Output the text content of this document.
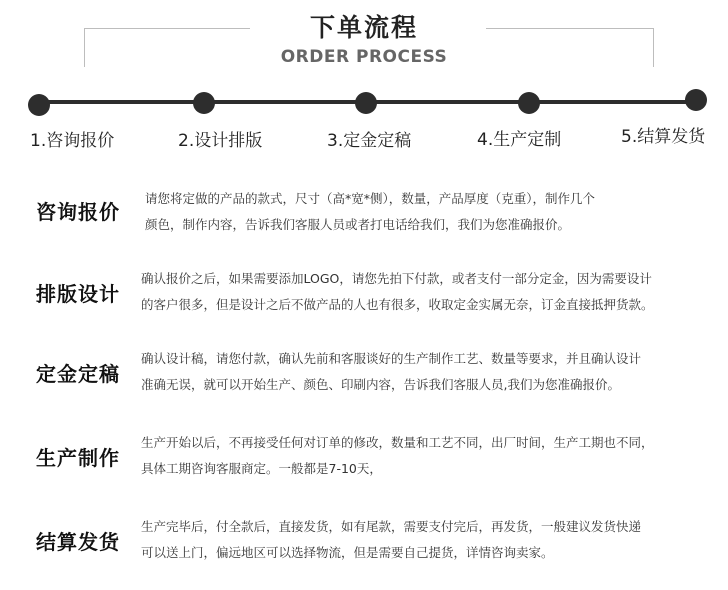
下单流程
ORDER PROCESS
1.咨询报价	2.设计排版	3.定金定稿	4.生产定制	5.结算发货
咨询报价
请您将定做的产品的款式，尺寸（高*宽*侧），数量，产品厚度（克重），制作几个
颜色，制作内容，告诉我们客服人员或者打电话给我们，我们为您准确报价。
排版设计
确认报价之后，如果需要添加LOGO，请您先拍下付款，或者支付一部分定金，因为需要设计
的客户很多，但是设计之后不做产品的人也有很多，收取定金实属无奈，订金直接抵押货款。
定金定稿
确认设计稿，请您付款，确认先前和客服谈好的生产制作工艺、数量等要求，并且确认设计
准确无误，就可以开始生产、颜色、印刷内容，告诉我们客服人员,我们为您准确报价。
生产制作
生产开始以后，不再接受任何对订单的修改，数量和工艺不同，出厂时间，生产工期也不同，
具体工期咨询客服商定。一般都是7-10天，
结算发货
生产完毕后，付全款后，直接发货，如有尾款，需要支付完后，再发货，一般建议发货快递
可以送上门，偏远地区可以选择物流，但是需要自己提货，详情咨询卖家。
